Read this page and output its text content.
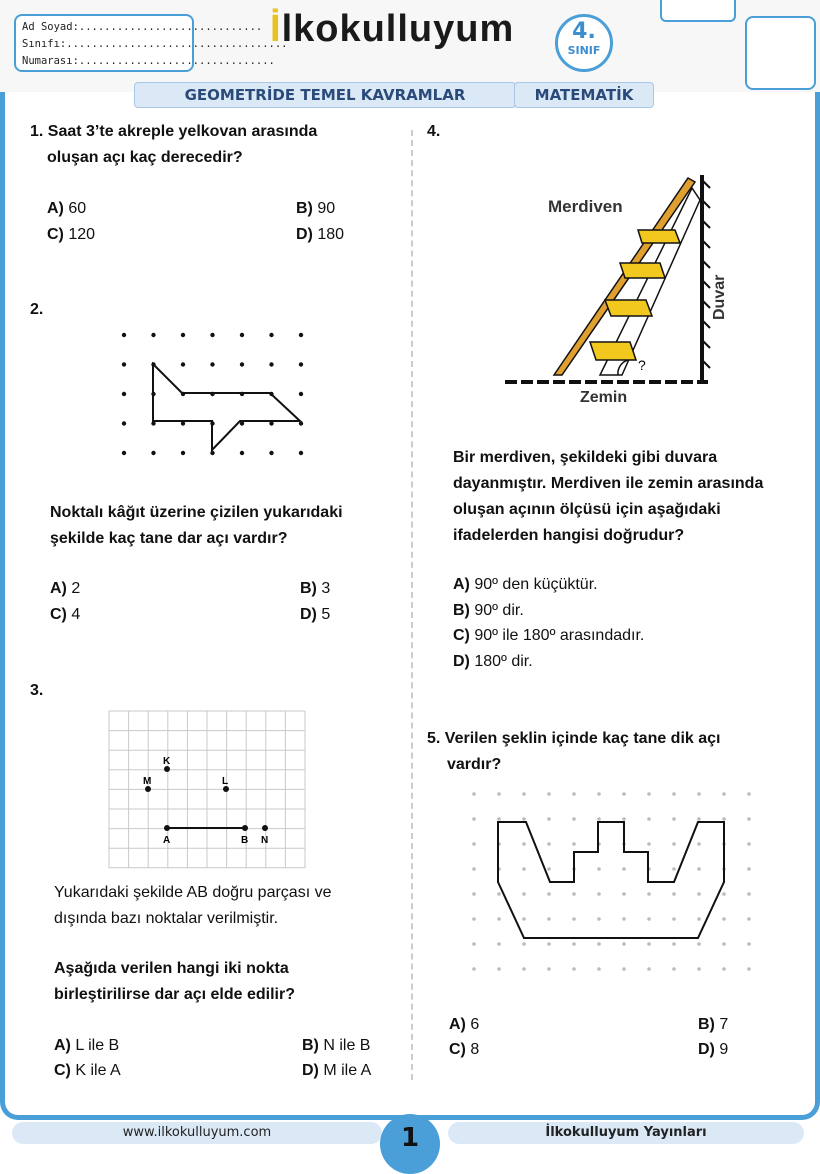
Ad Soyad:.............................
Sınıfı:...................................
Numarası:...............................
İlkokulluyum	4.
SINIF
GEOMETRİDE TEMEL KAVRAMLAR	MATEMATİK
1. Saat 3’te akreple yelkovan arasında
oluşan açı kaç derecedir?
A) 60	B) 90
C) 120	D) 180
2.
Noktalı kâğıt üzerine çizilen yukarıdaki
şekilde kaç tane dar açı vardır?
A) 2	B) 3
C) 4	D) 5
3.
K
M	L
A	B N
Yukarıdaki şekilde AB doğru parçası ve
dışında bazı noktalar verilmiştir.
Aşağıda verilen hangi iki nokta
birleştirilirse dar açı elde edilir?
A) L ile B	B) N ile B
C) K ile A	D) M ile A
4.
?
Merdiven
Zemin
Duvar
Bir merdiven, şekildeki gibi duvara
dayanmıştır. Merdiven ile zemin arasında
oluşan açının ölçüsü için aşağıdaki
ifadelerden hangisi doğrudur?
A) 90º den küçüktür.
B) 90º dir.
C) 90º ile 180º arasındadır.
D) 180º dir.
5. Verilen şeklin içinde kaç tane dik açı
vardır?
A) 6	B) 7
C) 8	D) 9
www.ilkokulluyum.com	1	İlkokulluyum Yayınları
